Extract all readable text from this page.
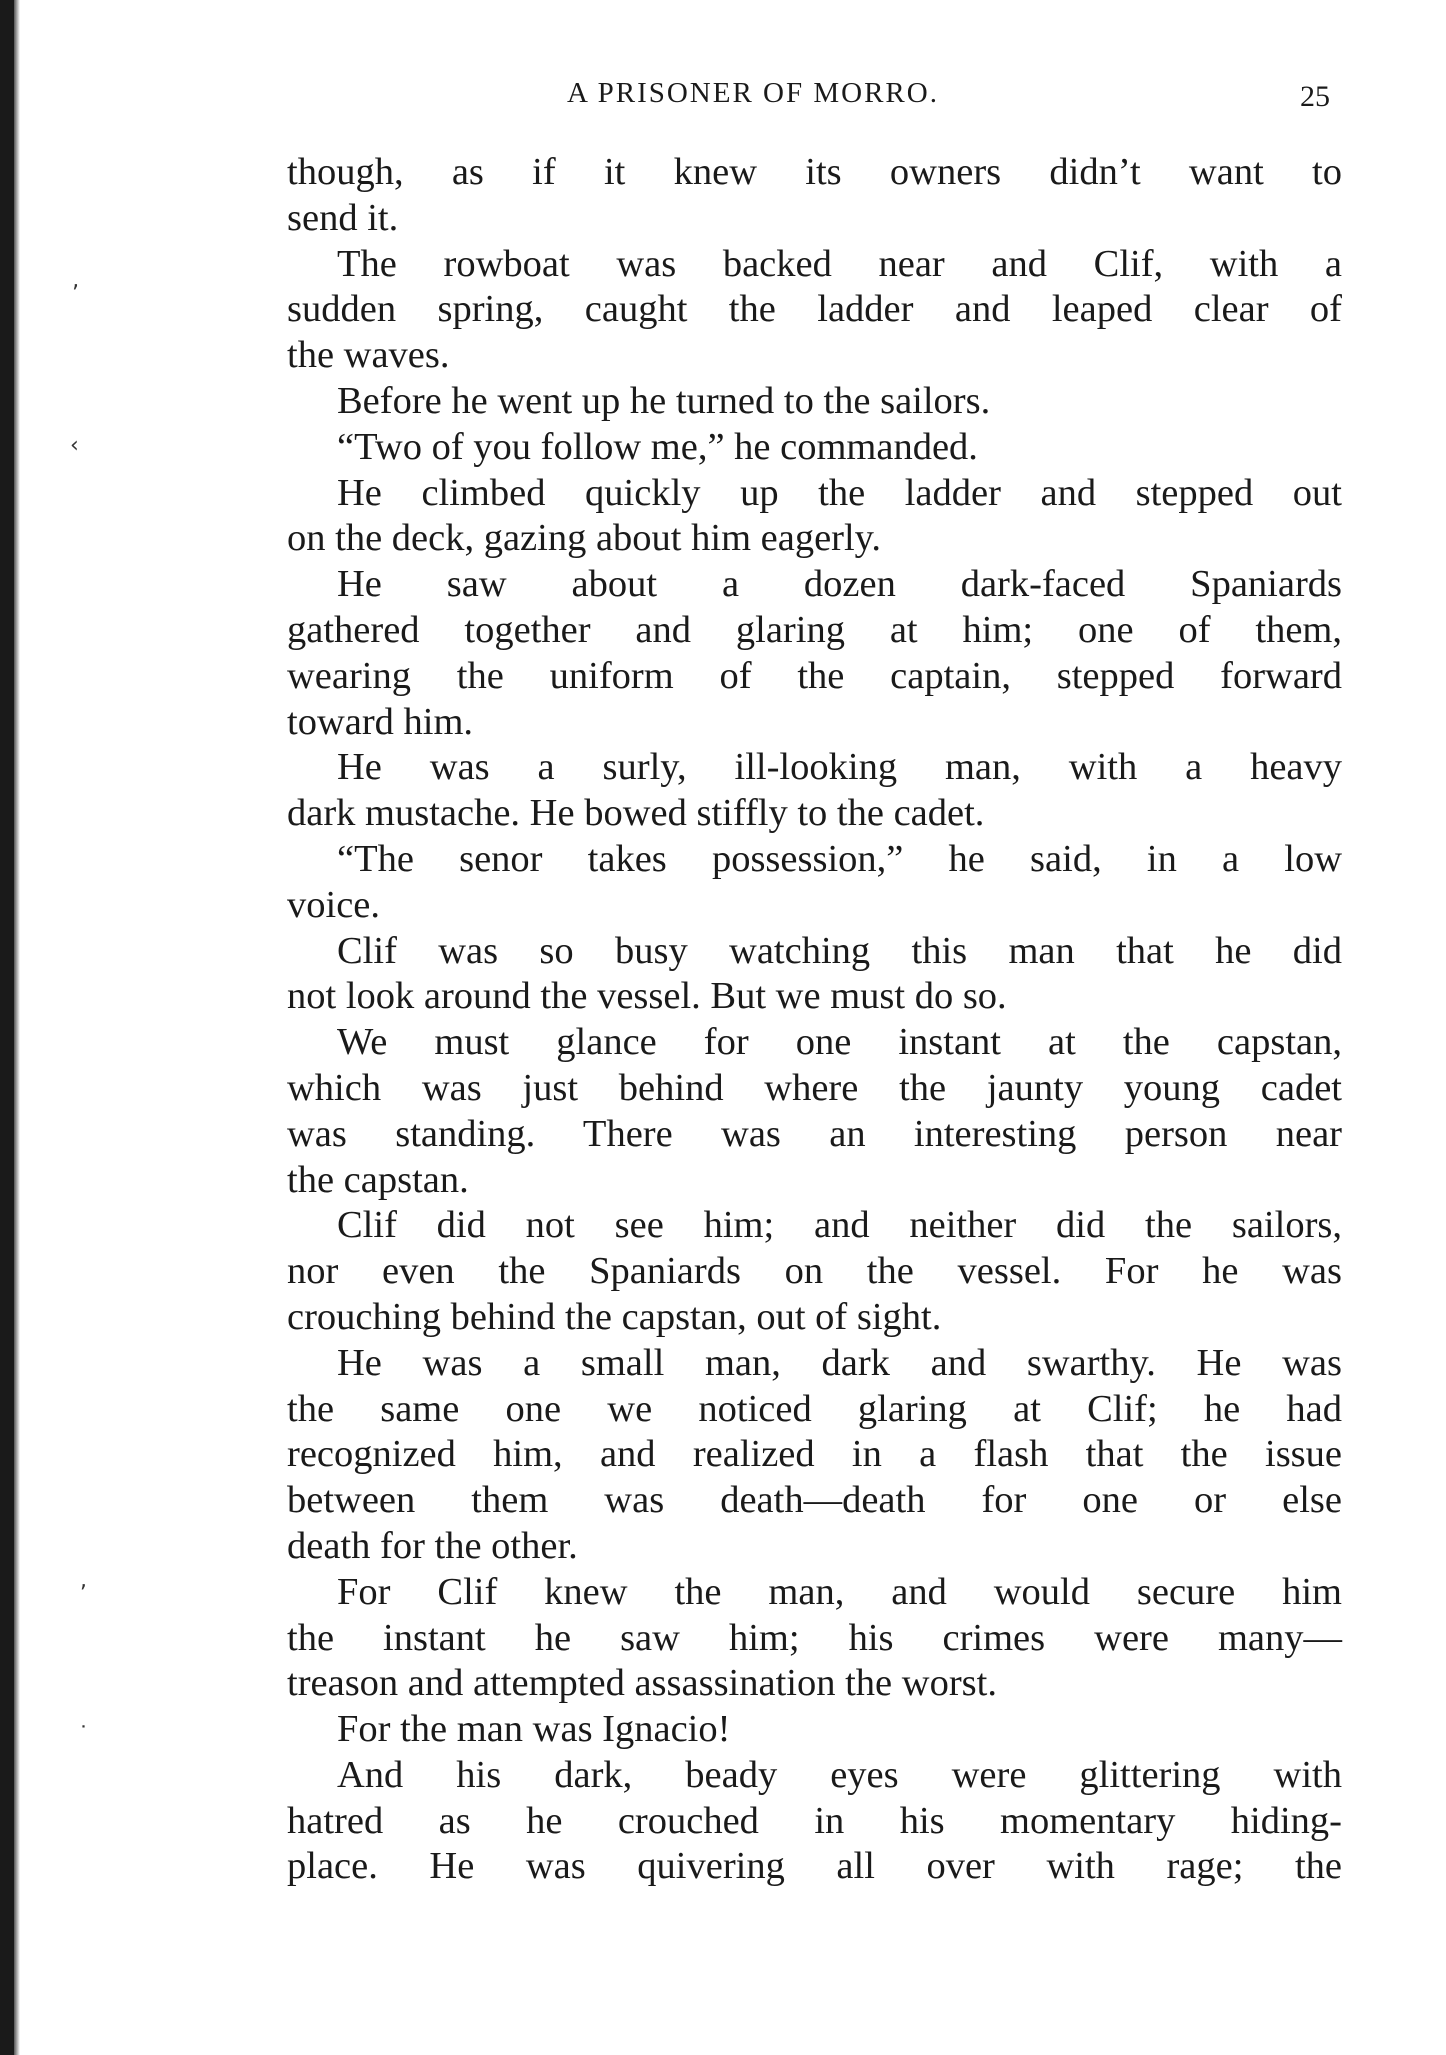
‚
‹
,
˙
A PRISONER OF MORRO.	25
though, as if it knew its owners didn’t want to
send it.
The rowboat was backed near and Clif, with a
sudden spring, caught the ladder and leaped clear of
the waves.
Before he went up he turned to the sailors.
“Two of you follow me,” he commanded.
He climbed quickly up the ladder and stepped out
on the deck, gazing about him eagerly.
He saw about a dozen dark-faced Spaniards
gathered together and glaring at him; one of them,
wearing the uniform of the captain, stepped forward
toward him.
He was a surly, ill-looking man, with a heavy
dark mustache. He bowed stiffly to the cadet.
“The senor takes possession,” he said, in a low
voice.
Clif was so busy watching this man that he did
not look around the vessel. But we must do so.
We must glance for one instant at the capstan,
which was just behind where the jaunty young cadet
was standing. There was an interesting person near
the capstan.
Clif did not see him; and neither did the sailors,
nor even the Spaniards on the vessel. For he was
crouching behind the capstan, out of sight.
He was a small man, dark and swarthy. He was
the same one we noticed glaring at Clif; he had
recognized him, and realized in a flash that the issue
between them was death—death for one or else
death for the other.
For Clif knew the man, and would secure him
the instant he saw him; his crimes were many—
treason and attempted assassination the worst.
For the man was Ignacio!
And his dark, beady eyes were glittering with
hatred as he crouched in his momentary hiding-
place. He was quivering all over with rage; the
